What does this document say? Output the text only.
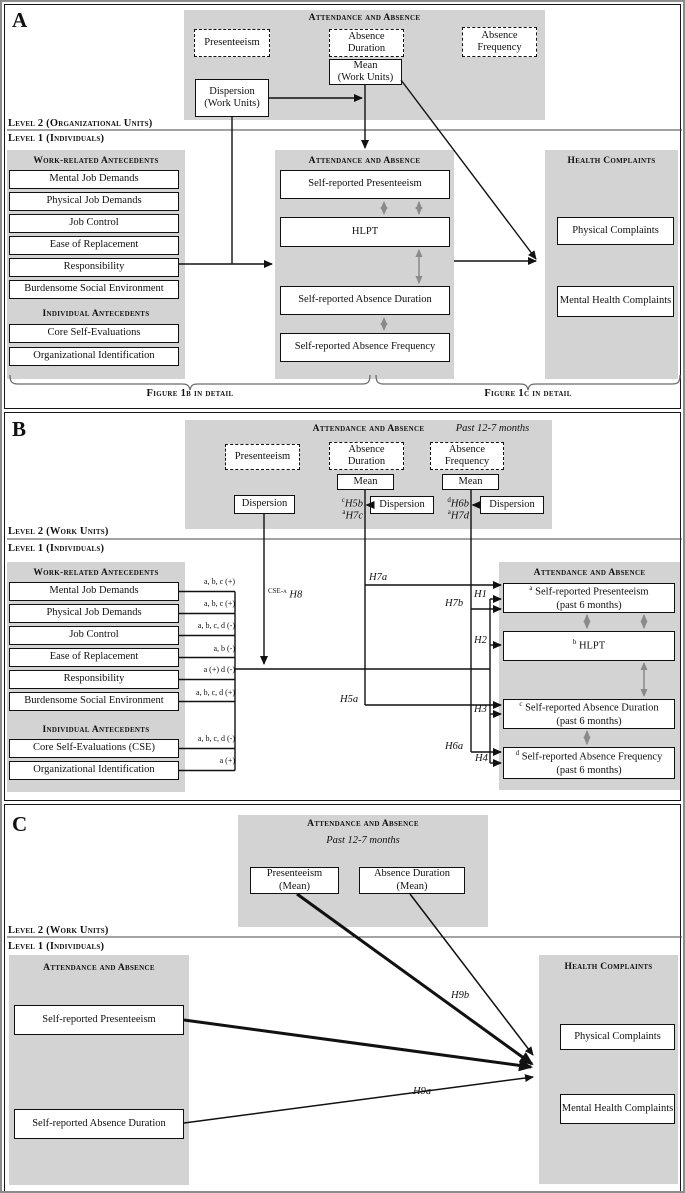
A	Attendance and Absence
Presenteeism
Absence Duration
Absence Frequency
Mean
(Work Units)
Dispersion
(Work Units)
Level 2 (Organizational Units)
Level 1 (Individuals)
Work-related Antecedents
Mental Job Demands
Physical Job Demands
Job Control
Ease of Replacement
Responsibility
Burdensome Social Environment
Individual Antecedents
Core Self-Evaluations
Organizational Identification
Attendance and Absence
Self-reported Presenteeism
HLPT
Self-reported Absence Duration
Self-reported Absence Frequency
Health Complaints
Physical Complaints
Mental Health Complaints
Figure 1b in detail	Figure 1c in detail
B	Attendance and Absence	Past 12-7 months
Presenteeism
Absence Duration
Absence Frequency
Mean	Mean
Dispersion	Dispersion	Dispersion
$^c$H5b
$^a$H7c
$^d$H6b
$^a$H7d
Level 2 (Work Units)
Level 1 (Individuals)
Work-related Antecedents
Mental Job Demands
Physical Job Demands
Job Control
Ease of Replacement
Responsibility
Burdensome Social Environment
Individual Antecedents
Core Self-Evaluations (CSE)
Organizational Identification
a, b, c (+)
a, b, c (+)
a, b, c, d (-)
a, b (-)
a (+) d (-)
a, b, c, d (+)
a, b, c, d (-)
a (+)
$^{CSE-a}$ H8
H7a
H7b
H5a
H6a
H1
H2
H3
H4
Attendance and Absence
$^a$ Self-reported Presenteeism
(past 6 months)
$^b$ HLPT
$^c$ Self-reported Absence Duration
(past 6 months)
$^d$ Self-reported Absence Frequency
(past 6 months)
C	Attendance and Absence
Past 12-7 months
Presenteeism
(Mean)
Absence Duration
(Mean)
Level 2 (Work Units)
Level 1 (Individuals)
Attendance and Absence
Self-reported Presenteeism
Self-reported Absence Duration
Health Complaints
Physical Complaints
Mental Health Complaints
H9b
H9a
